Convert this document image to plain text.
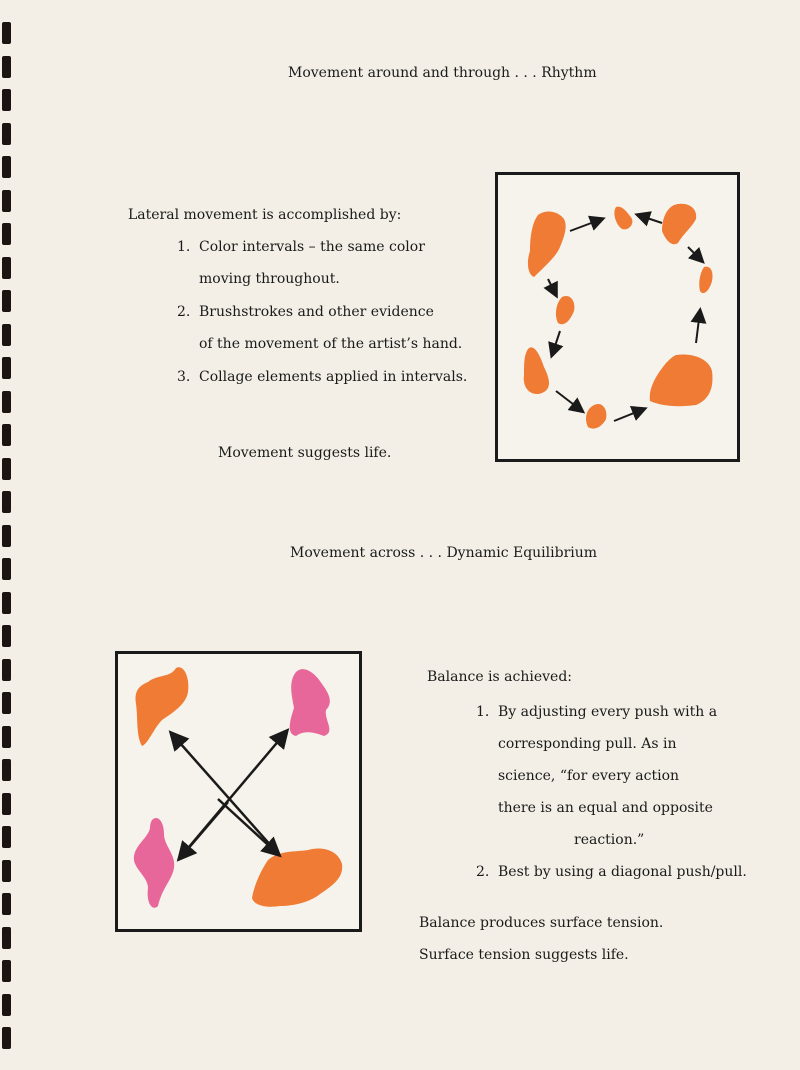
Movement around and through . . . Rhythm
Lateral movement is accomplished by:
1. Color intervals – the same color
moving throughout.
2. Brushstrokes and other evidence
of the movement of the artist’s hand.
3. Collage elements applied in intervals.
Movement suggests life.
Movement across . . . Dynamic Equilibrium
Balance is achieved:
1. By adjusting every push with a
corresponding pull. As in
science, “for every action
there is an equal and opposite
reaction.”
2. Best by using a diagonal push/pull.
Balance produces surface tension.
Surface tension suggests life.
